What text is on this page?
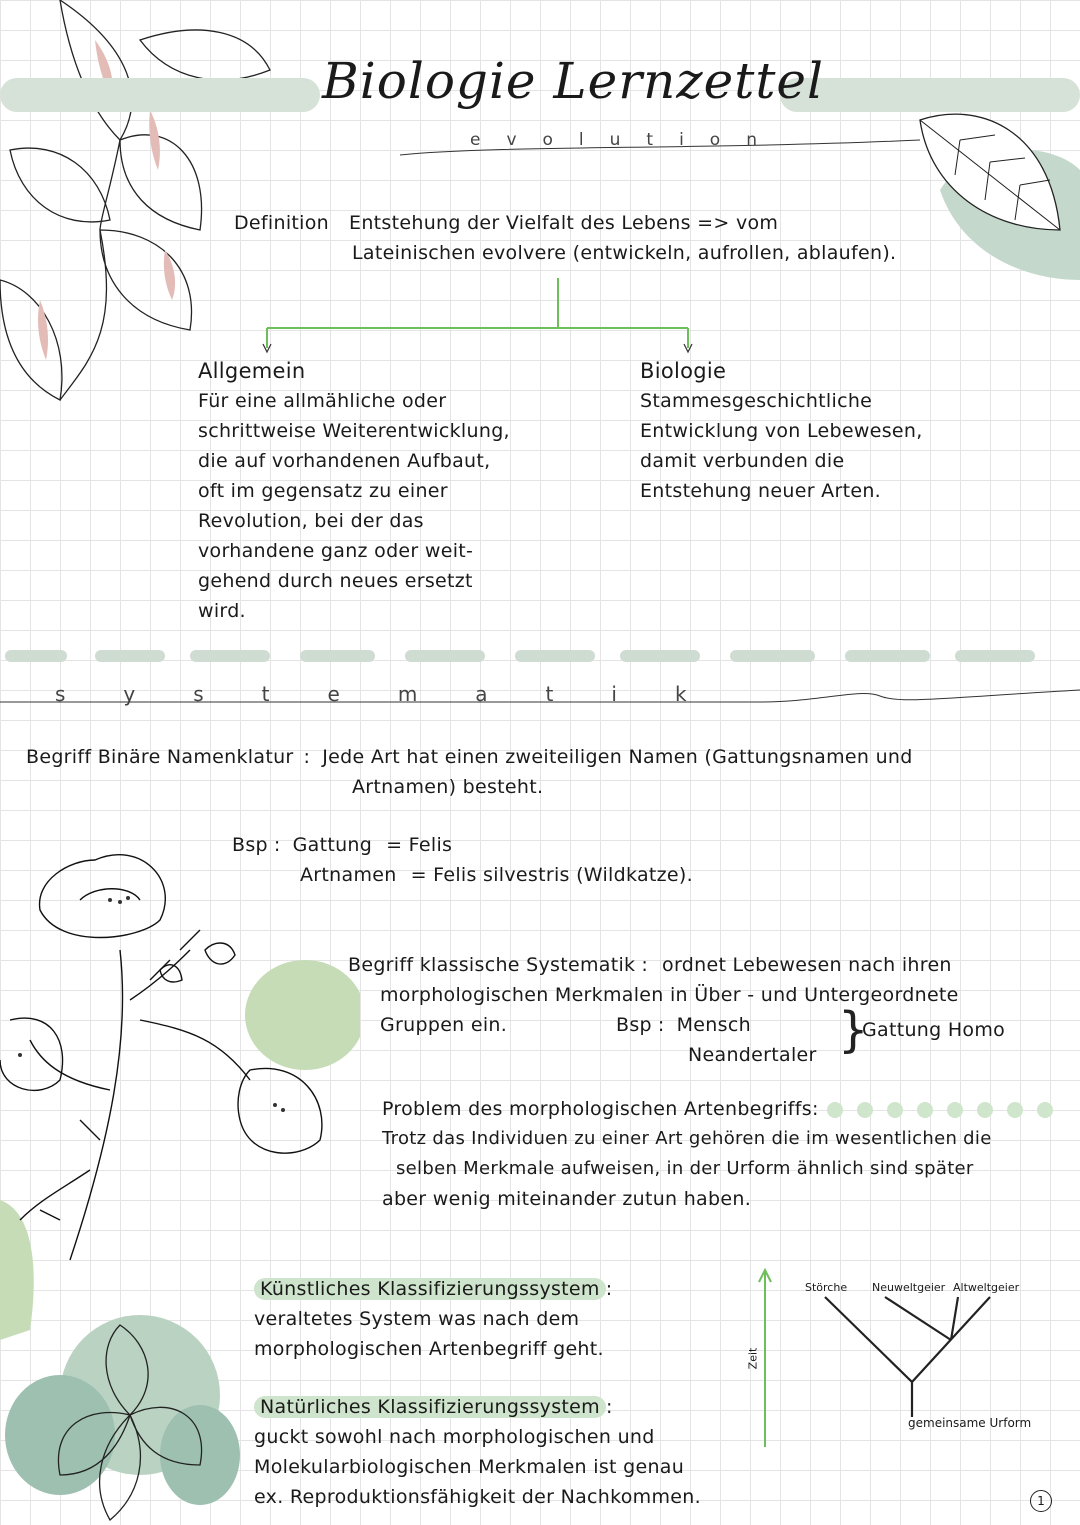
Biologie Lernzettel
evolution
Definition Entstehung der Vielfalt des Lebens => vom
Lateinischen evolvere (entwickeln, aufrollen, ablaufen).
Allgemein
Für eine allmähliche oder
schrittweise Weiterentwicklung,
die auf vorhandenen Aufbaut,
oft im gegensatz zu einer
Revolution, bei der das
vorhandene ganz oder weit-
gehend durch neues ersetzt
wird.
Biologie
Stammesgeschichtliche
Entwicklung von Lebewesen,
damit verbunden die
Entstehung neuer Arten.
systematik
Begriff Binäre Namenklatur : Jede Art hat einen zweiteiligen Namen (Gattungsnamen und
Artnamen) besteht.
Bsp : Gattung = Felis
Artnamen = Felis silvestris (Wildkatze).
Begriff klassische Systematik : ordnet Lebewesen nach ihren
morphologischen Merkmalen in Über - und Untergeordnete
Gruppen ein.	Bsp : Mensch
Neandertaler }
Gattung Homo
Problem des morphologischen Artenbegriffs:
Trotz das Individuen zu einer Art gehören die im wesentlichen die
selben Merkmale aufweisen, in der Urform ähnlich sind später
aber wenig miteinander zutun haben.
Künstliches Klassifizierungssystem :
veraltetes System was nach dem
morphologischen Artenbegriff geht.
Natürliches Klassifizierungssystem :
guckt sowohl nach morphologischen und
Molekularbiologischen Merkmalen ist genau
ex. Reproduktionsfähigkeit der Nachkommen.
Zeit
Störche Neuweltgeier Altweltgeier
gemeinsame Urform
1
